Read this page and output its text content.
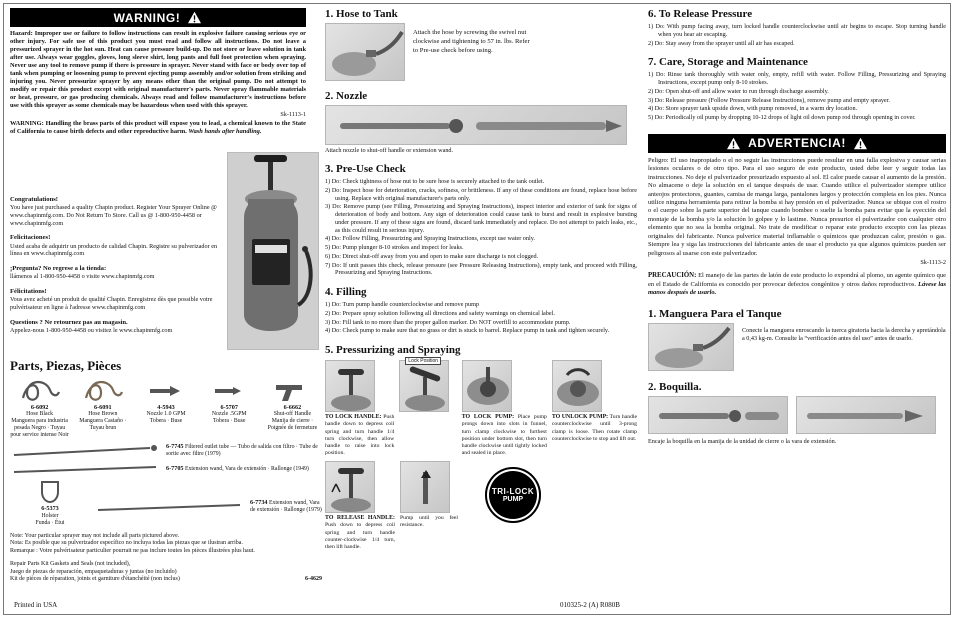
WARNING!

Hazard: Improper use or failure to follow instructions can result in explosive failure causing serious eye or other injury. For safe use of this product you must read and follow all instructions. Do not leave a pressurized sprayer in the hot sun. Heat can cause pressure build-up. Do not store or leave solution in tank after use. Always wear goggles, gloves, long sleeve shirt, long pants and full foot protection when spraying. Never use any tool to remove pump if there is pressure in sprayer. Never stand with face or body over top of tank when pumping or loosening pump to prevent ejecting pump assembly and/or solution from striking and injuring you. Never pressurize sprayer by any means other than the original pump. Do not attempt to modify or repair this product except with original manufacturer's parts. Never spray flammable materials or heat, pressure, or gas producing chemicals. Always read and follow manufacturer's instructions before use with this sprayer as some chemicals may be hazardous when used with this sprayer.

Sk-1113-1

WARNING: Handling the brass parts of this product will expose you to lead, a chemical known to the State of California to cause birth defects and other reproductive harm. Wash hands after handling.

Congratulations!
You have just purchased a quality Chapin product. Register Your Sprayer Online @ www.chapinmfg.com. Do Not Return To Store. Call us @ 1-800-950-4458 or www.chapinmfg.com
Felicitaciones!
Usted acaba de adquirir un producto de calidad Chapin. Registre su pulverizador en línea en www.chapinmfg.com
¡Pregunta? No regrese a la tienda:
llámenos al 1-800-950-4458 o visite www.chapinmfg.com
Félicitations!
Vous avez acheté un produit de qualité Chapin. Enregistrez dès que possible votre pulvérisateur en ligne à l'adresse www.chapinmfg.com
Questions ? Ne retournez pas au magasin.
Appelez-nous 1-800-950-4458 ou visitez le www.chapinmfg.com
Parts, Piezas, Pièces
6-6092
Hose Black
Manguera para industria pesada Negro · Tuyau pour service intense Noir
6-6091
Hose Brown
Manguera Castaño · Tuyau brun
4-5943
Nozzle 1.0 GPM
Tobera · Buse
6-5707
Nozzle .5GPM
Tobera · Buse
6-6662
Shut-off Handle
Manija de cierre · Poignée de fermeture
6-7745 Filtered outlet tube — Tubo de salida con filtro · Tube de sortie avec filtre (1979)
6-7705 Extension wand, Vara de extensión · Rallonge (1949)
6-5373
Holster
Funda · Étui
6-7734 Extension wand, Vara de extensión · Rallonge (1979)
Note: Your particular sprayer may not include all parts pictured above.
Nota: Es posible que su pulverizador específico no incluya todas las piezas que se ilustran arriba.
Remarque : Votre pulvérisateur particulier pourrait ne pas inclure toutes les pièces illustrées plus haut.
Repair Parts Kit Gaskets and Seals (not included),
Juego de piezas de reparación, empaquetaduras y juntas (no incluido)
Kit de pièces de réparation, joints et garniture d'étanchéité (non inclus)	6-4629
1. Hose to Tank

Attach the hose by screwing the swivel nut clockwise and tightening to 57 in. lbs. Refer to Pre-use check before using.

2. Nozzle

Attach nozzle to shut-off handle or extension wand.

3. Pre-Use Check
1) Do: Check tightness of hose nut to be sure hose is securely attached to the tank outlet.
2) Do: Inspect hose for deterioration, cracks, softness, or brittleness. If any of these conditions are found, replace hose before using. Replace with original manufacturer's parts only.
3) Do: Remove pump (see Filling, Pressurizing and Spraying Instructions), inspect interior and exterior of tank for signs of deterioration of body and bottom. Any sign of deterioration could cause tank to burst and result in explosive bursting under pressure. If any of these signs are found, discard tank immediately and replace. Do not attempt to patch leaks, etc., as this could result in serious injury.
4) Do: Follow Filling, Pressurizing and Spraying Instructions, except use water only.
5) Do: Pump plunger 8-10 strokes and inspect for leaks.
6) Do: Direct shut-off away from you and open to make sure discharge is not clogged.
7) Do: If unit passes this check, release pressure (see Pressure Releasing Instructions), empty tank, and proceed with Filling, Pressurizing and Spraying Instructions.
4. Filling
1) Do: Turn pump handle counterclockwise and remove pump
2) Do: Prepare spray solution following all directions and safety warnings on chemical label.
3) Do: Fill tank to no more than the proper gallon marker. Do NOT overfill to accommodate pump.
4) Do: Check pump to make sure that no grass or dirt is stuck to barrel. Replace pump in tank and tighten securely.
5. Pressurizing and Spraying

TO LOCK HANDLE: Push handle down to depress coil spring and turn handle 1/4 turn clockwise, then allow handle to raise into lock position.

Lock Position

TO LOCK PUMP: Place pump prongs down into slots in funnel, turn clamp clockwise to furthest position under bottom slot, then turn handle clockwise until tightly locked and sealed in place.

TO UNLOCK PUMP: Turn handle counterclockwise until 3-prong clamp is loose. Then rotate clamp counterclockwise to stop and lift out.

TO RELEASE HANDLE: Push down to depress coil spring and turn handle counter-clockwise 1/4 turn, then lift handle.

Pump until you feel resistance.

TRI-LOCK
PUMP
6. To Release Pressure
1) Do: With pump facing away, turn locked handle counterclockwise until air begins to escape. Stop turning handle when you hear air escaping.
2) Do: Stay away from the sprayer until all air has escaped.
7. Care, Storage and Maintenance
1) Do: Rinse tank thoroughly with water only, empty, refill with water. Follow Filling, Pressurizing and Spraying Instructions, except pump only 8-10 strokes.
2) Do: Open shut-off and allow water to run through discharge assembly.
3) Do: Release pressure (Follow Pressure Release Instructions), remove pump and empty sprayer.
4) Do: Store sprayer tank upside down, with pump removed, in a warm dry location.
5) Do: Periodically oil pump by dropping 10-12 drops of light oil down pump rod through opening in cover.
ADVERTENCIA!

Peligro: El uso inapropiado o el no seguir las instrucciones puede resultar en una falla explosiva y causar serias lesiones oculares o de otro tipo. Para el uso seguro de este producto, usted debe leer y seguir todas las instrucciones. No deje el pulverizador presurizado expuesto al sol. El calor puede causar el aumento de la presión. No almacene o deje la solución en el tanque después de usar. Cuando utilice el pulverizador siempre utilice anteojos protectores, guantes, camisa de manga larga, pantalones largos y protección completa en los pies. Nunca utilice ninguna herramienta para retirar la bomba si hay presión en el pulverizador. Nunca se ubique con el rostro o el cuerpo sobre la parte superior del tanque cuando bombee o suelte la bomba para evitar que la eyección del montaje de la bomba y/o la solución lo golpee y lo lastime. Nunca presurice el pulverizador con cualquier otro elemento que no sea la bomba original. No trate de modificar o reparar este producto excepto con las piezas originales del fabricante. Nunca pulverice material inflamable o químicos que produzcan calor, presión o gas. Siempre lea y siga las instrucciones del fabricante antes de usar el producto ya que algunos químicos pueden ser peligrosos al usarse con este pulverizador.

Sk-1113-2

PRECAUCIÓN: El manejo de las partes de latón de este producto lo expondrá al plomo, un agente químico que en el Estado de California es conocido por provocar defectos congénitos y otros daños reproductivos. Lávese las manos después de usarlo.

1. Manguera Para el Tanque

Conecte la manguera enroscando la tuerca giratoria hacia la derecha y apretándola a 0,43 kg-m. Consulte la “verificación antes del uso” antes de usarlo.

2. Boquilla.

Encaje la boquilla en la manija de la unidad de cierre o la vara de extensión.

Printed in USA	010325-2 (A) R080B
